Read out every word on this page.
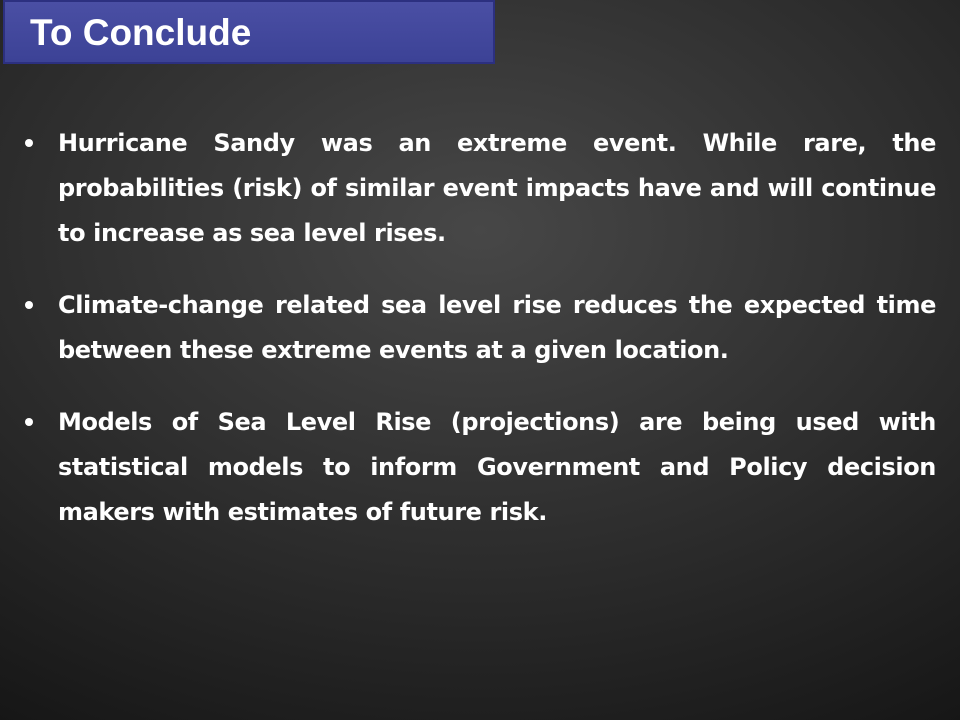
To Conclude
Hurricane Sandy was an extreme event. While rare, the probabilities (risk) of similar event impacts have and will continue to increase as sea level rises.
Climate-change related sea level rise reduces the expected time between these extreme events at a given location.
Models of Sea Level Rise (projections) are being used with statistical models to inform Government and Policy decision makers with estimates of future risk.
